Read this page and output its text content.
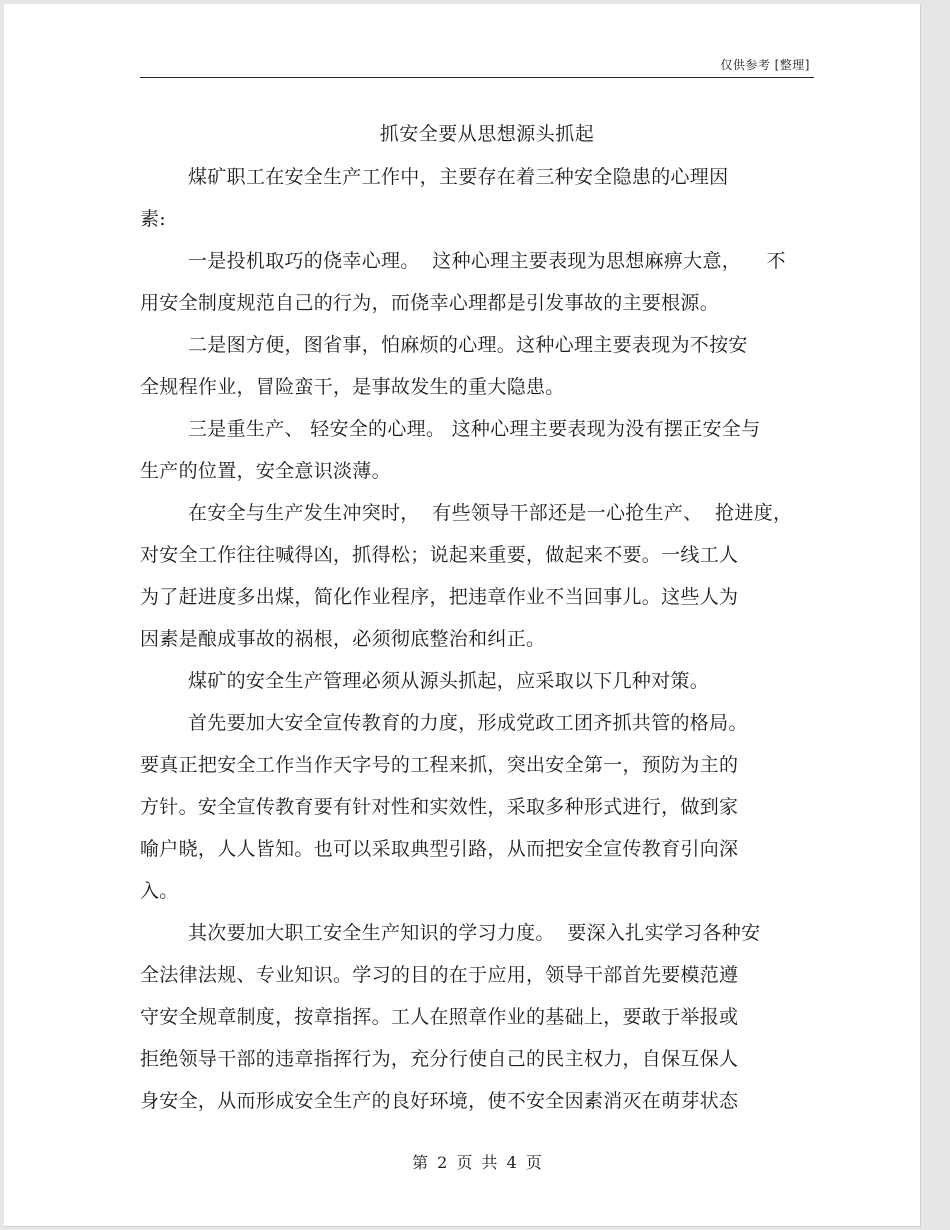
仅供参考 [整理]
抓安全要从思想源头抓起
煤矿职工在安全生产工作中，主要存在着三种安全隐患的心理因
素:
一是投机取巧的侥幸心理。  这种心理主要表现为思想麻痹大意，    不
用安全制度规范自己的行为，而侥幸心理都是引发事故的主要根源。
二是图方便，图省事，怕麻烦的心理。这种心理主要表现为不按安
全规程作业，冒险蛮干，是事故发生的重大隐患。
三是重生产、 轻安全的心理。 这种心理主要表现为没有摆正安全与
生产的位置，安全意识淡薄。
在安全与生产发生冲突时，  有些领导干部还是一心抢生产、  抢进度，
对安全工作往往喊得凶，抓得松；说起来重要，做起来不要。一线工人
为了赶进度多出煤，简化作业程序，把违章作业不当回事儿。这些人为
因素是酿成事故的祸根，必须彻底整治和纠正。
煤矿的安全生产管理必须从源头抓起，应采取以下几种对策。
首先要加大安全宣传教育的力度，形成党政工团齐抓共管的格局。
要真正把安全工作当作天字号的工程来抓，突出安全第一，预防为主的
方针。安全宣传教育要有针对性和实效性，采取多种形式进行，做到家
喻户晓，人人皆知。也可以采取典型引路，从而把安全宣传教育引向深
入。
其次要加大职工安全生产知识的学习力度。  要深入扎实学习各种安
全法律法规、专业知识。学习的目的在于应用，领导干部首先要模范遵
守安全规章制度，按章指挥。工人在照章作业的基础上，要敢于举报或
拒绝领导干部的违章指挥行为，充分行使自己的民主权力，自保互保人
身安全，从而形成安全生产的良好环境，使不安全因素消灭在萌芽状态
第 2 页 共 4 页
